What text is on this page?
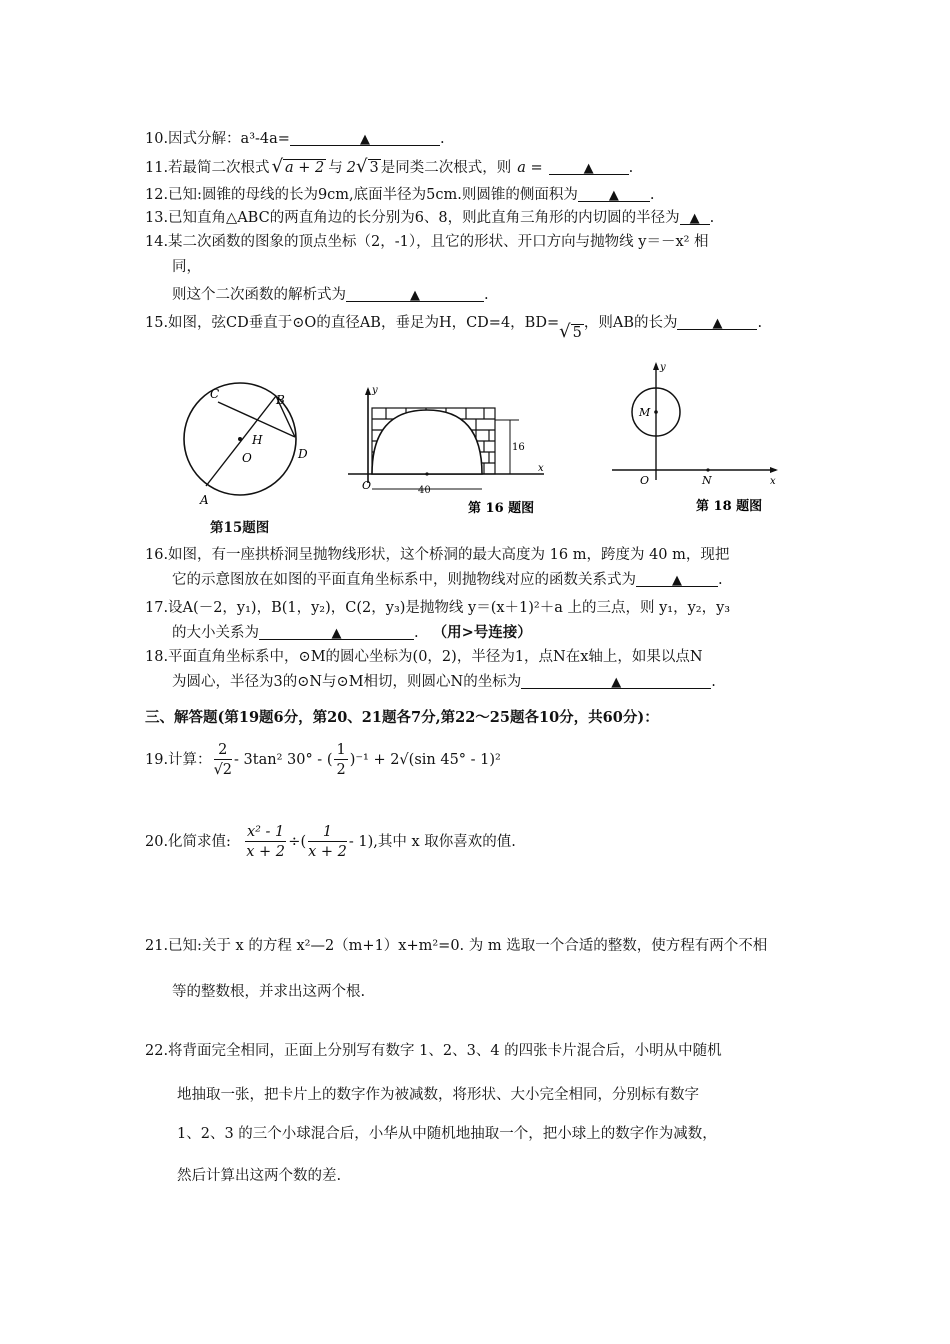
10.因式分解：a³-4a=	▲	.
11.若最简二次根式 √ a + 2 与 2√ 3 是同类二次根式，则 a =	▲ .
12.已知:圆锥的母线的长为9cm,底面半径为5cm.则圆锥的侧面积为 ▲ .
13.已知直角△ABC的两直角边的长分别为6、8，则此直角三角形的内切圆的半径为 ▲ .
14.某二次函数的图象的顶点坐标（2，-1），且它的形状、开口方向与抛物线 y＝－x² 相
同，
则这个二次函数的解析式为	▲	.
15.如图，弦CD垂直于⊙O的直径AB，垂足为H，CD=4，BD=√ 5，则AB的长为	▲ .
C	B
H
O	D
A
第15题图
16
40
y
x
O
第 16 题图
y
x
O
M
N
第 18 题图
16.如图，有一座拱桥洞呈抛物线形状，这个桥洞的最大高度为 16 m，跨度为 40 m，现把
它的示意图放在如图的平面直角坐标系中，则抛物线对应的函数关系式为	▲ .
17.设A(－2，y₁)，B(1，y₂)，C(2，y₃)是抛物线 y＝(x＋1)²＋a 上的三点，则 y₁，y₂，y₃
的大小关系为	▲	. （用>号连接）
18.平面直角坐标系中，⊙M的圆心坐标为(0，2)，半径为1，点N在x轴上，如果以点N
为圆心，半径为3的⊙N与⊙M相切，则圆心N的坐标为	▲	.
三、解答题(第19题6分，第20、21题各7分,第22～25题各10分，共60分)：
19.计算： $\frac{2}{√2} - 3\tan^2$ 30° - ( $\frac{1}{2} )^{-1} + 2√(\sin$ 45° - 1)²
20.化简求值: $\frac{\text{x² - 1}}{x + 2}$ ÷( $\frac{1}{x + 2} - 1$),其中 x 取你喜欢的值.
21.已知:关于 x 的方程 x²—2（m+1）x+m²=0. 为 m 选取一个合适的整数，使方程有两个不相
等的整数根，并求出这两个根.
22.将背面完全相同，正面上分别写有数字 1、2、3、4 的四张卡片混合后，小明从中随机
地抽取一张，把卡片上的数字作为被减数，将形状、大小完全相同，分别标有数字
1、2、3 的三个小球混合后，小华从中随机地抽取一个，把小球上的数字作为减数，
然后计算出这两个数的差.
